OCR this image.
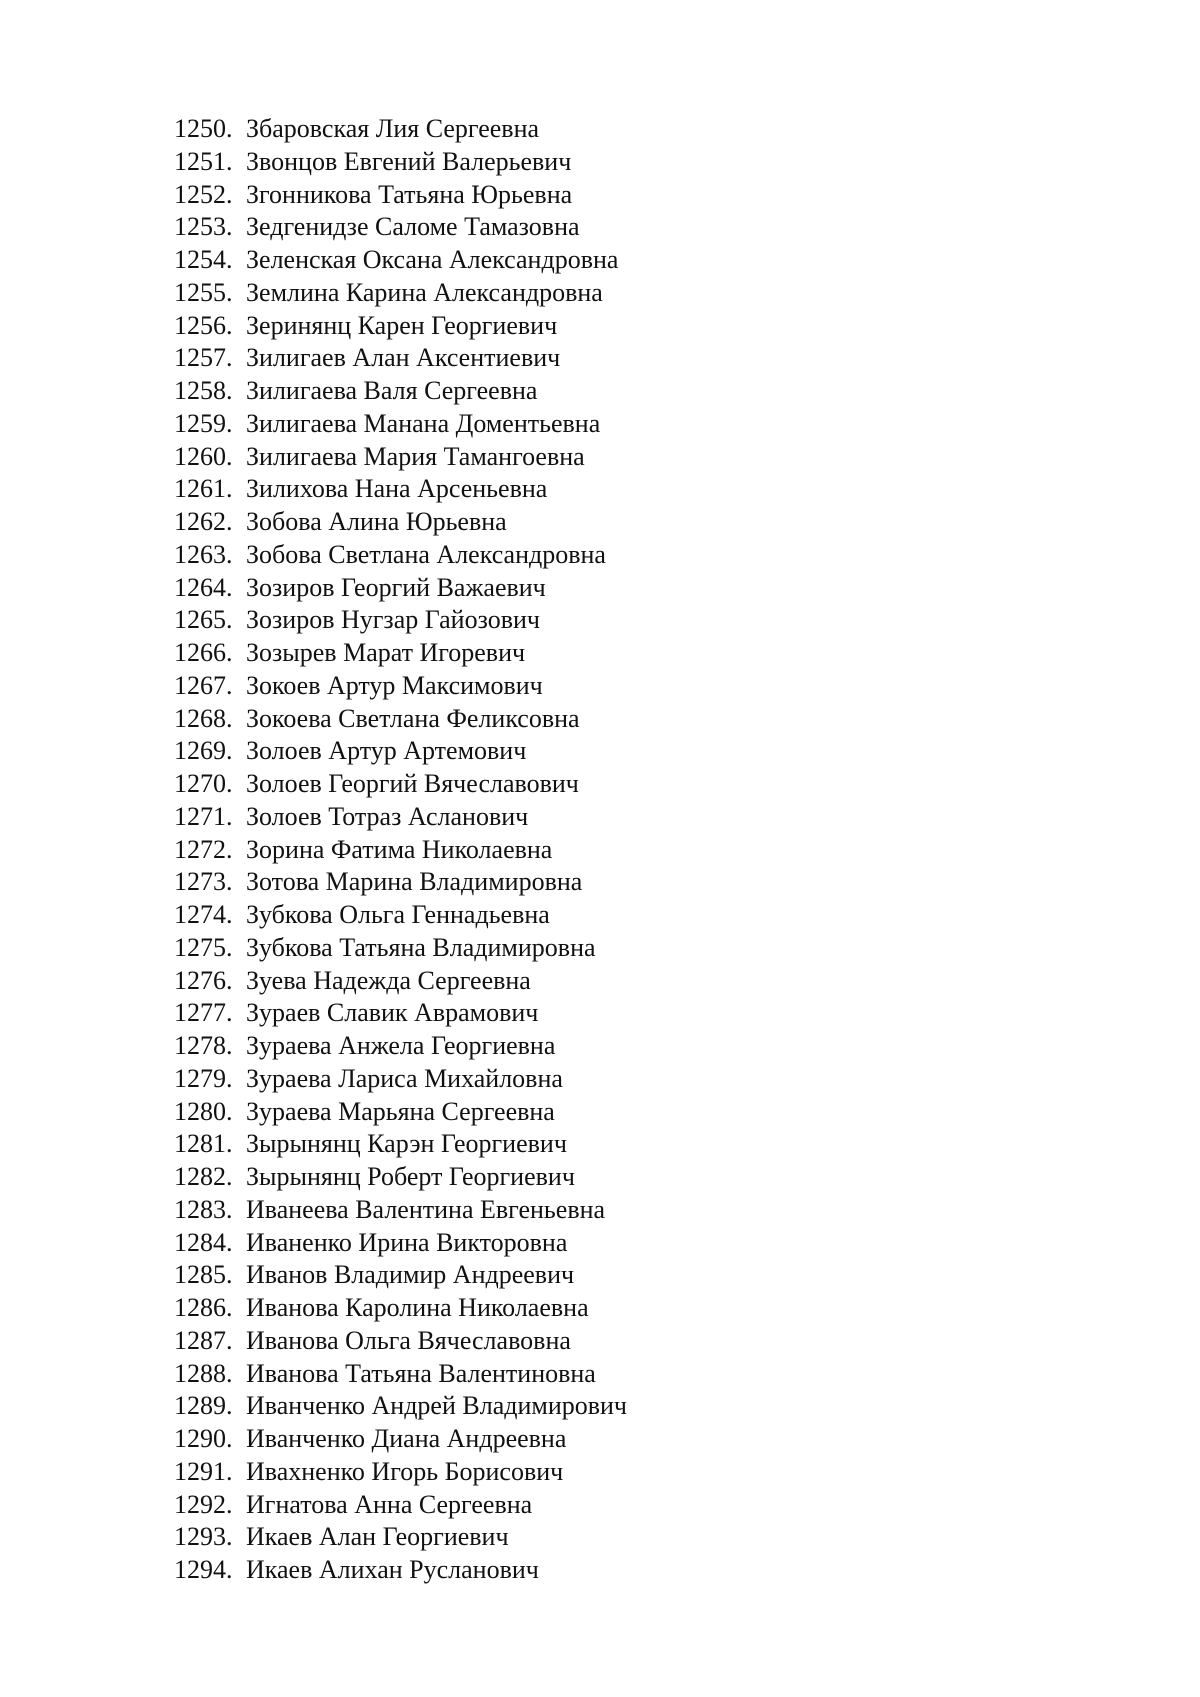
1250. Збаровская Лия Сергеевна
1251. Звонцов Евгений Валерьевич
1252. Згонникова Татьяна Юрьевна
1253. Зедгенидзе Саломе Тамазовна
1254. Зеленская Оксана Александровна
1255. Землина Карина Александровна
1256. Зеринянц Карен Георгиевич
1257. Зилигаев Алан Аксентиевич
1258. Зилигаева Валя Сергеевна
1259. Зилигаева Манана Доментьевна
1260. Зилигаева Мария Тамангоевна
1261. Зилихова Нана Арсеньевна
1262. Зобова Алина Юрьевна
1263. Зобова Светлана Александровна
1264. Зозиров Георгий Важаевич
1265. Зозиров Нугзар Гайозович
1266. Зозырев Марат Игоревич
1267. Зокоев Артур Максимович
1268. Зокоева Светлана Феликсовна
1269. Золоев Артур Артемович
1270. Золоев Георгий Вячеславович
1271. Золоев Тотраз Асланович
1272. Зорина Фатима Николаевна
1273. Зотова Марина Владимировна
1274. Зубкова Ольга Геннадьевна
1275. Зубкова Татьяна Владимировна
1276. Зуева Надежда Сергеевна
1277. Зураев Славик Аврамович
1278. Зураева Анжела Георгиевна
1279. Зураева Лариса Михайловна
1280. Зураева Марьяна Сергеевна
1281. Зырынянц Карэн Георгиевич
1282. Зырынянц Роберт Георгиевич
1283. Иванеева Валентина Евгеньевна
1284. Иваненко Ирина Викторовна
1285. Иванов Владимир Андреевич
1286. Иванова Каролина Николаевна
1287. Иванова Ольга Вячеславовна
1288. Иванова Татьяна Валентиновна
1289. Иванченко Андрей Владимирович
1290. Иванченко Диана Андреевна
1291. Ивахненко Игорь Борисович
1292. Игнатова Анна Сергеевна
1293. Икаев Алан Георгиевич
1294. Икаев Алихан Русланович
